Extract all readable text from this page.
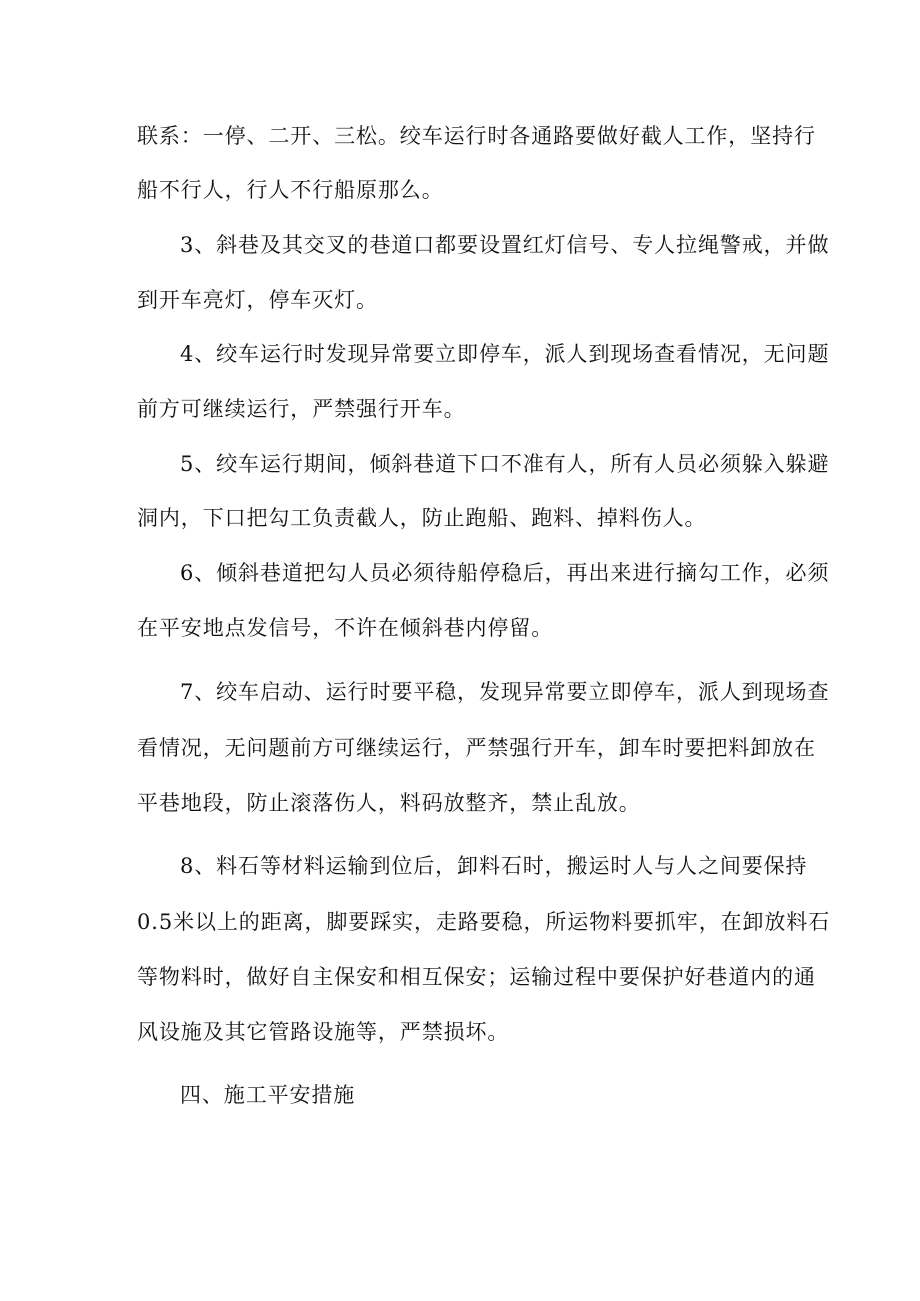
联系：一停、二开、三松。绞车运行时各通路要做好截人工作，坚持行

船不行人，行人不行船原那么。

3、斜巷及其交叉的巷道口都要设置红灯信号、专人拉绳警戒，并做

到开车亮灯，停车灭灯。

4、绞车运行时发现异常要立即停车，派人到现场查看情况，无问题

前方可继续运行，严禁强行开车。

5、绞车运行期间，倾斜巷道下口不准有人，所有人员必须躲入躲避

洞内，下口把勾工负责截人，防止跑船、跑料、掉料伤人。

6、倾斜巷道把勾人员必须待船停稳后，再出来进行摘勾工作，必须

在平安地点发信号，不许在倾斜巷内停留。

7、绞车启动、运行时要平稳，发现异常要立即停车，派人到现场查

看情况，无问题前方可继续运行，严禁强行开车，卸车时要把料卸放在

平巷地段，防止滚落伤人，料码放整齐，禁止乱放。

8、料石等材料运输到位后，卸料石时，搬运时人与人之间要保持

0.5米以上的距离，脚要踩实，走路要稳，所运物料要抓牢，在卸放料石

等物料时，做好自主保安和相互保安；运输过程中要保护好巷道内的通

风设施及其它管路设施等，严禁损坏。

四、施工平安措施
